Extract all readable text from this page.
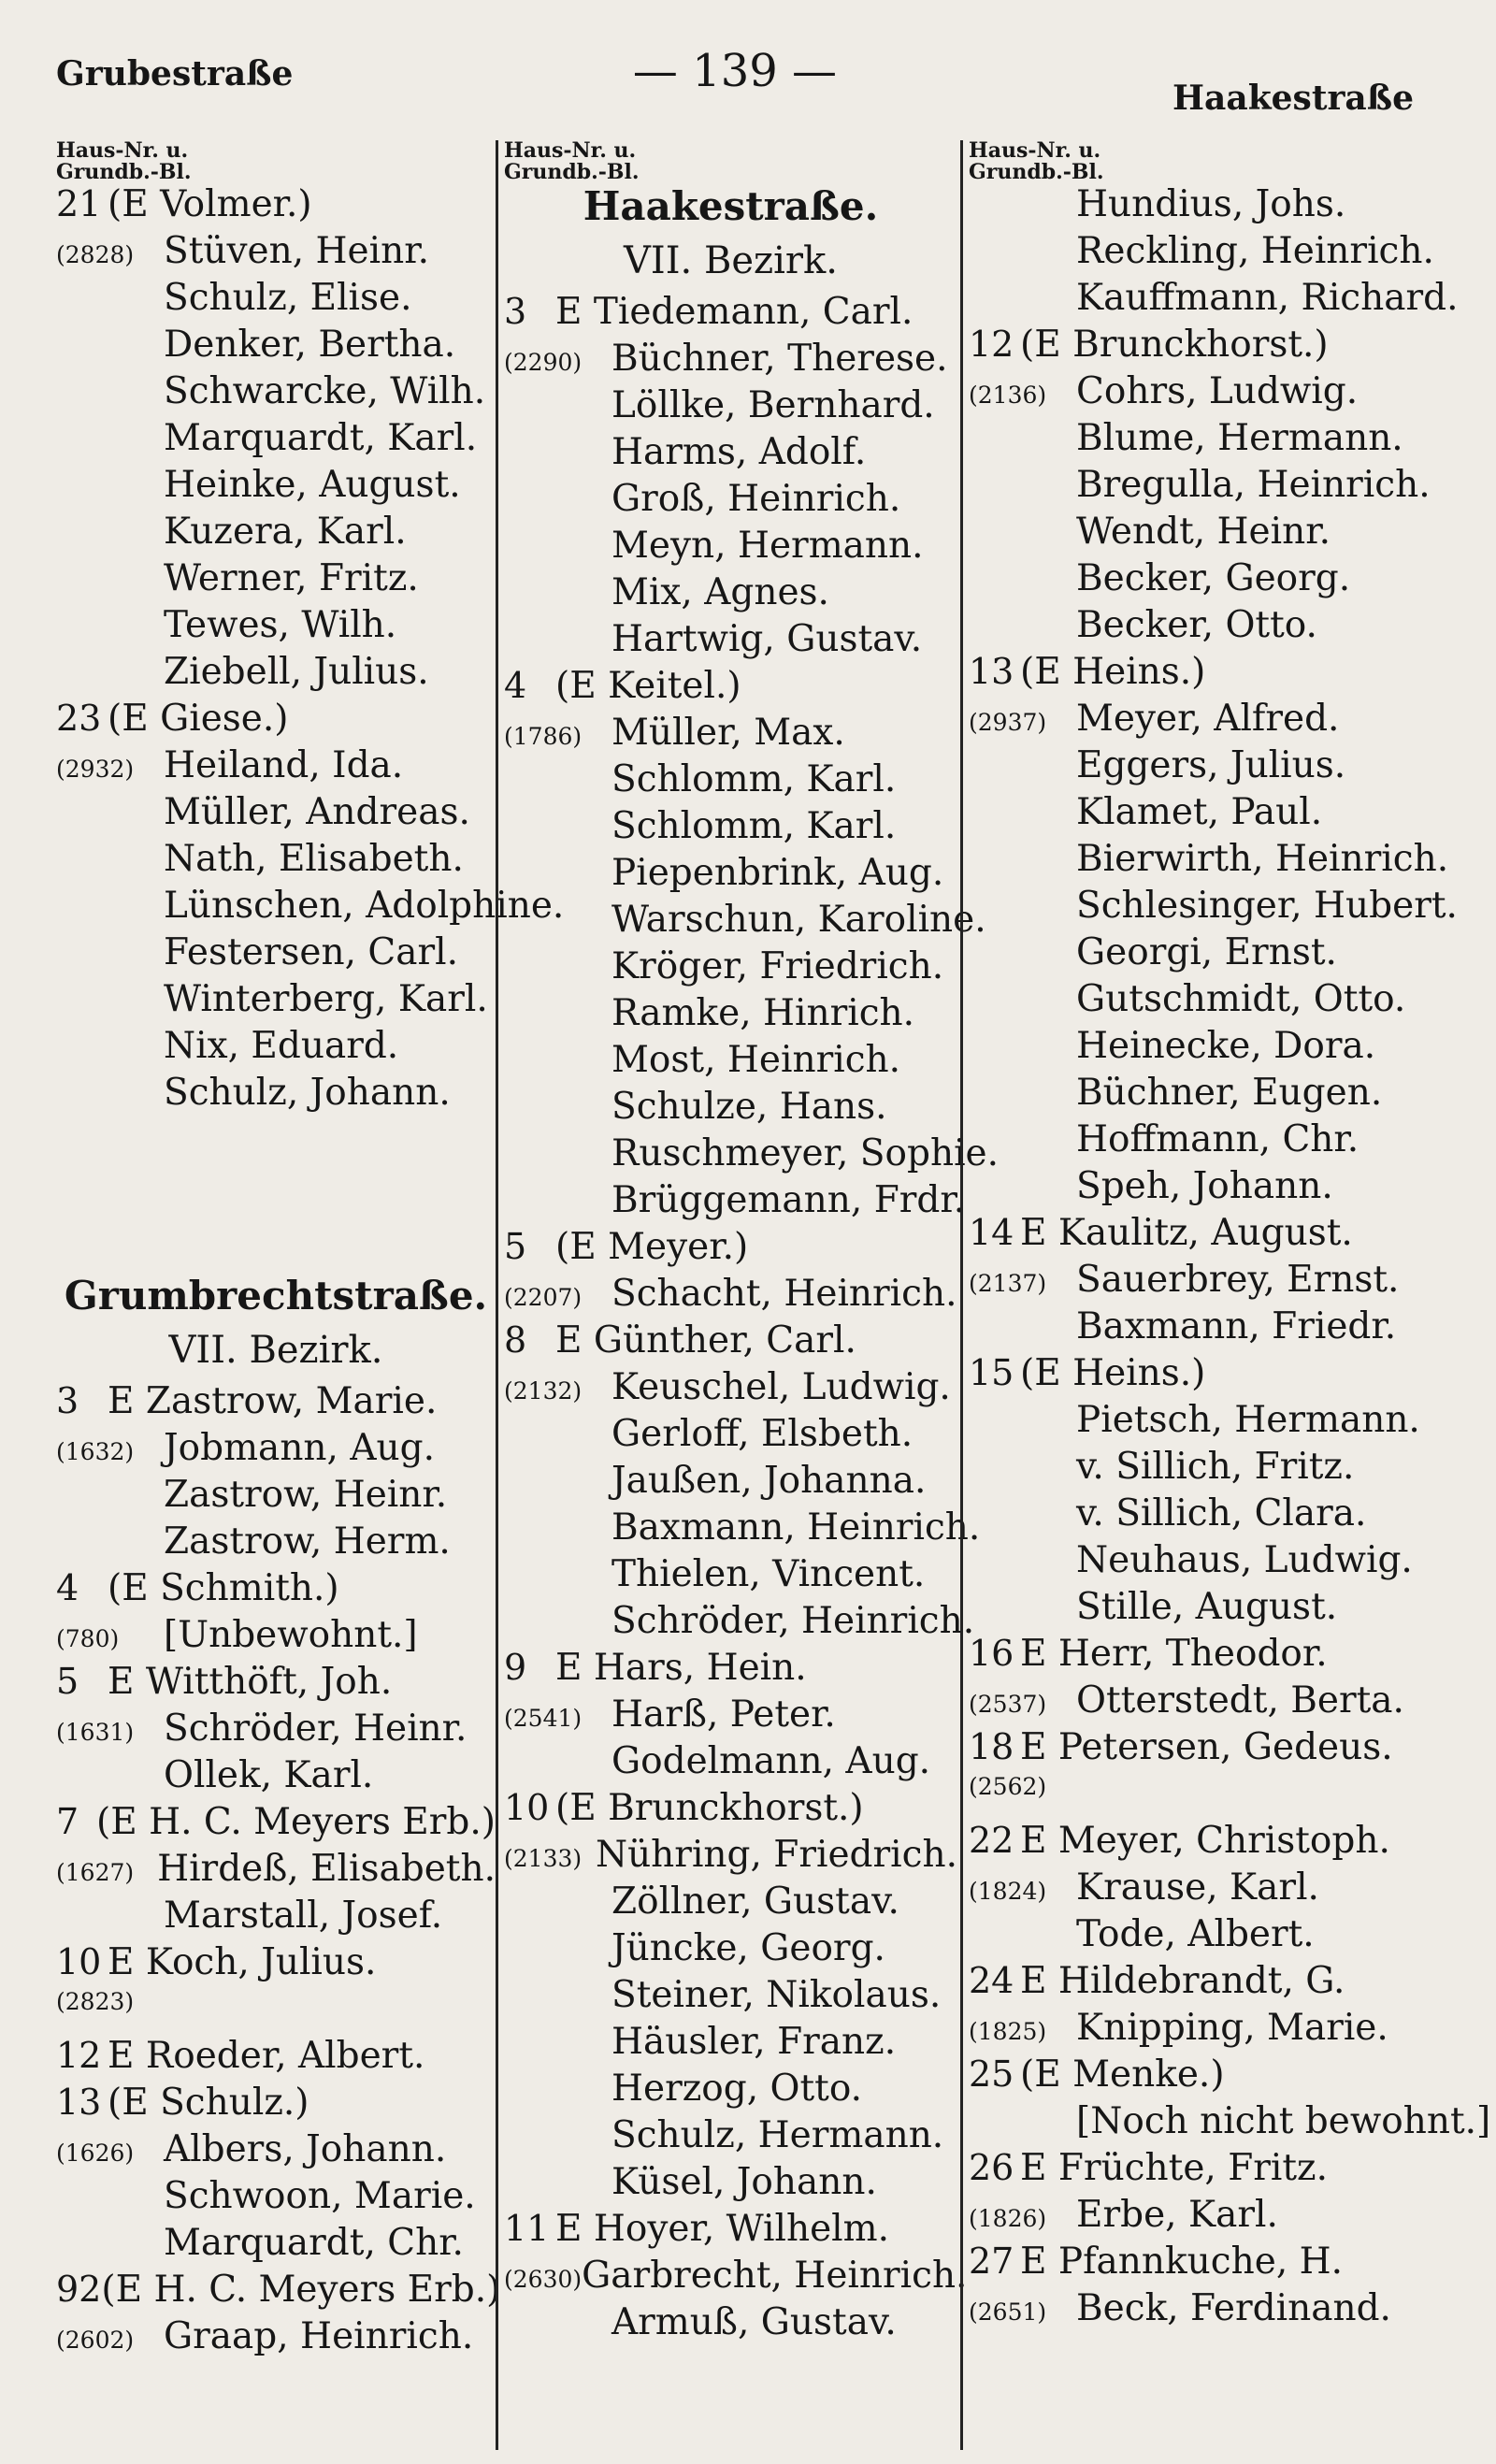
Grubestraße	— 139 —
Haakestraße
Haus-Nr. u.
Grundb.-Bl.
21 (E Volmer.)
(2828) Stüven, Heinr.
Schulz, Elise.
Denker, Bertha.
Schwarcke, Wilh.
Marquardt, Karl.
Heinke, August.
Kuzera, Karl.
Werner, Fritz.
Tewes, Wilh.
Ziebell, Julius.
23 (E Giese.)
(2932) Heiland, Ida.
Müller, Andreas.
Nath, Elisabeth.
Lünschen, Adolphine.
Festersen, Carl.
Winterberg, Karl.
Nix, Eduard.
Schulz, Johann.
Grumbrechtstraße.
VII. Bezirk.
3 E Zastrow, Marie.
(1632) Jobmann, Aug.
Zastrow, Heinr.
Zastrow, Herm.
4 (E Schmith.)
(780)	[Unbewohnt.]
5 E Witthöft, Joh.
(1631) Schröder, Heinr.
Ollek, Karl.
7 (E H. C. Meyers Erb.)
(1627) Hirdeß, Elisabeth.
Marstall, Josef.
10 E Koch, Julius.
(2823)
12 E Roeder, Albert.
13 (E Schulz.)
(1626) Albers, Johann.
Schwoon, Marie.
Marquardt, Chr.
92 (E H. C. Meyers Erb.)
(2602) Graap, Heinrich.
Haus-Nr. u.
Grundb.-Bl.
Haakestraße.
VII. Bezirk.
3 E Tiedemann, Carl.
(2290) Büchner, Therese.
Löllke, Bernhard.
Harms, Adolf.
Groß, Heinrich.
Meyn, Hermann.
Mix, Agnes.
Hartwig, Gustav.
4 (E Keitel.)
(1786) Müller, Max.
Schlomm, Karl.
Schlomm, Karl.
Piepenbrink, Aug.
Warschun, Karoline.
Kröger, Friedrich.
Ramke, Hinrich.
Most, Heinrich.
Schulze, Hans.
Ruschmeyer, Sophie.
Brüggemann, Frdr.
5 (E Meyer.)
(2207) Schacht, Heinrich.
8 E Günther, Carl.
(2132) Keuschel, Ludwig.
Gerloff, Elsbeth.
Jaußen, Johanna.
Baxmann, Heinrich.
Thielen, Vincent.
Schröder, Heinrich.
9 E Hars, Hein.
(2541) Harß, Peter.
Godelmann, Aug.
10 (E Brunckhorst.)
(2133) Nühring, Friedrich.
Zöllner, Gustav.
Jüncke, Georg.
Steiner, Nikolaus.
Häusler, Franz.
Herzog, Otto.
Schulz, Hermann.
Küsel, Johann.
11 E Hoyer, Wilhelm.
(2630) Garbrecht, Heinrich.
Armuß, Gustav.
Haus-Nr. u.
Grundb.-Bl.
Hundius, Johs.
Reckling, Heinrich.
Kauffmann, Richard.
12 (E Brunckhorst.)
(2136) Cohrs, Ludwig.
Blume, Hermann.
Bregulla, Heinrich.
Wendt, Heinr.
Becker, Georg.
Becker, Otto.
13 (E Heins.)
(2937) Meyer, Alfred.
Eggers, Julius.
Klamet, Paul.
Bierwirth, Heinrich.
Schlesinger, Hubert.
Georgi, Ernst.
Gutschmidt, Otto.
Heinecke, Dora.
Büchner, Eugen.
Hoffmann, Chr.
Speh, Johann.
14 E Kaulitz, August.
(2137) Sauerbrey, Ernst.
Baxmann, Friedr.
15 (E Heins.)
Pietsch, Hermann.
v. Sillich, Fritz.
v. Sillich, Clara.
Neuhaus, Ludwig.
Stille, August.
16 E Herr, Theodor.
(2537) Otterstedt, Berta.
18 E Petersen, Gedeus.
(2562)
22 E Meyer, Christoph.
(1824) Krause, Karl.
Tode, Albert.
24 E Hildebrandt, G.
(1825) Knipping, Marie.
25 (E Menke.)
[Noch nicht bewohnt.]
26 E Früchte, Fritz.
(1826) Erbe, Karl.
27 E Pfannkuche, H.
(2651) Beck, Ferdinand.
